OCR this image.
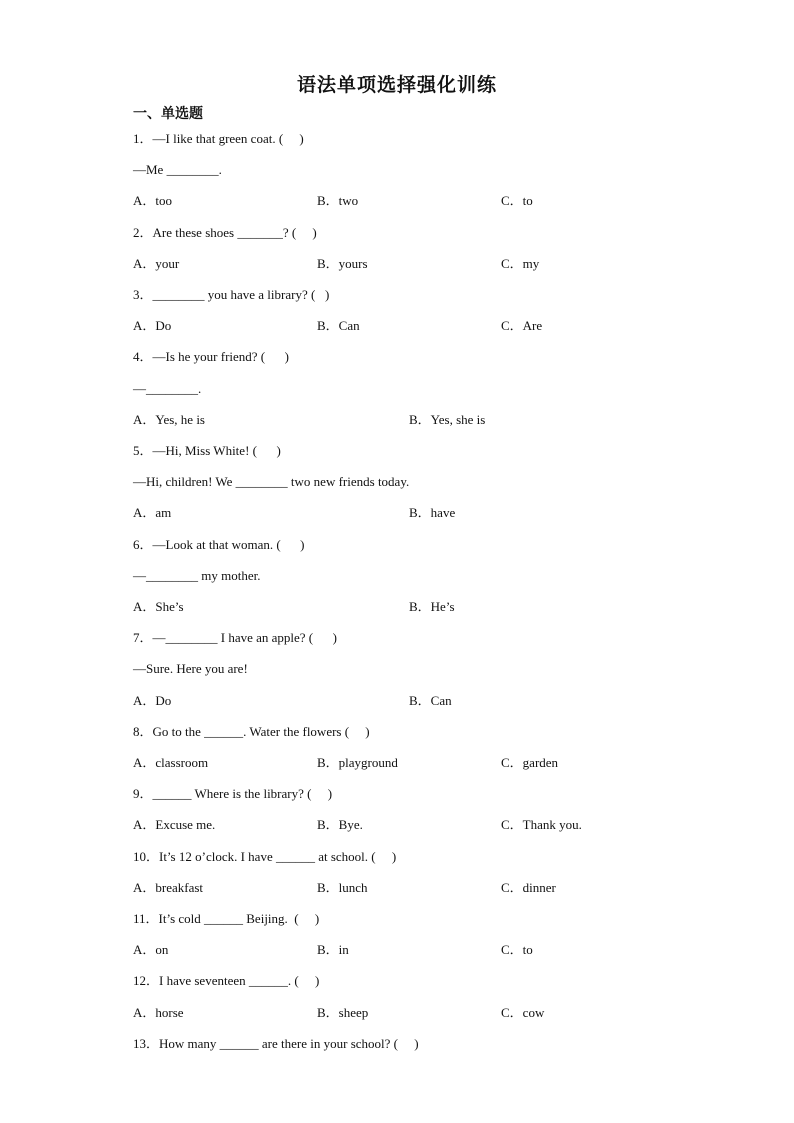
语法单项选择强化训练
一、单选题
1．—I like that green coat. (     )
—Me ________.
A．too	B．two	C．to
2．Are these shoes _______? (     )
A．your	B．yours	C．my
3．________ you have a library? (   )
A．Do	B．Can	C．Are
4．—Is he your friend? (      )
—________.
A．Yes, he is	B．Yes, she is
5．—Hi, Miss White! (      )
—Hi, children! We ________ two new friends today.
A．am	B．have
6．—Look at that woman. (      )
—________ my mother.
A．She’s	B．He’s
7．—________ I have an apple? (      )
—Sure. Here you are!
A．Do	B．Can
8．Go to the ______. Water the flowers (     )
A．classroom	B．playground	C．garden
9．______ Where is the library? (     )
A．Excuse me.	B．Bye.	C．Thank you.
10．It’s 12 o’clock. I have ______ at school. (     )
A．breakfast	B．lunch	C．dinner
11．It’s cold ______ Beijing.  (     )
A．on	B．in	C．to
12．I have seventeen ______. (     )
A．horse	B．sheep	C．cow
13．How many ______ are there in your school? (     )
